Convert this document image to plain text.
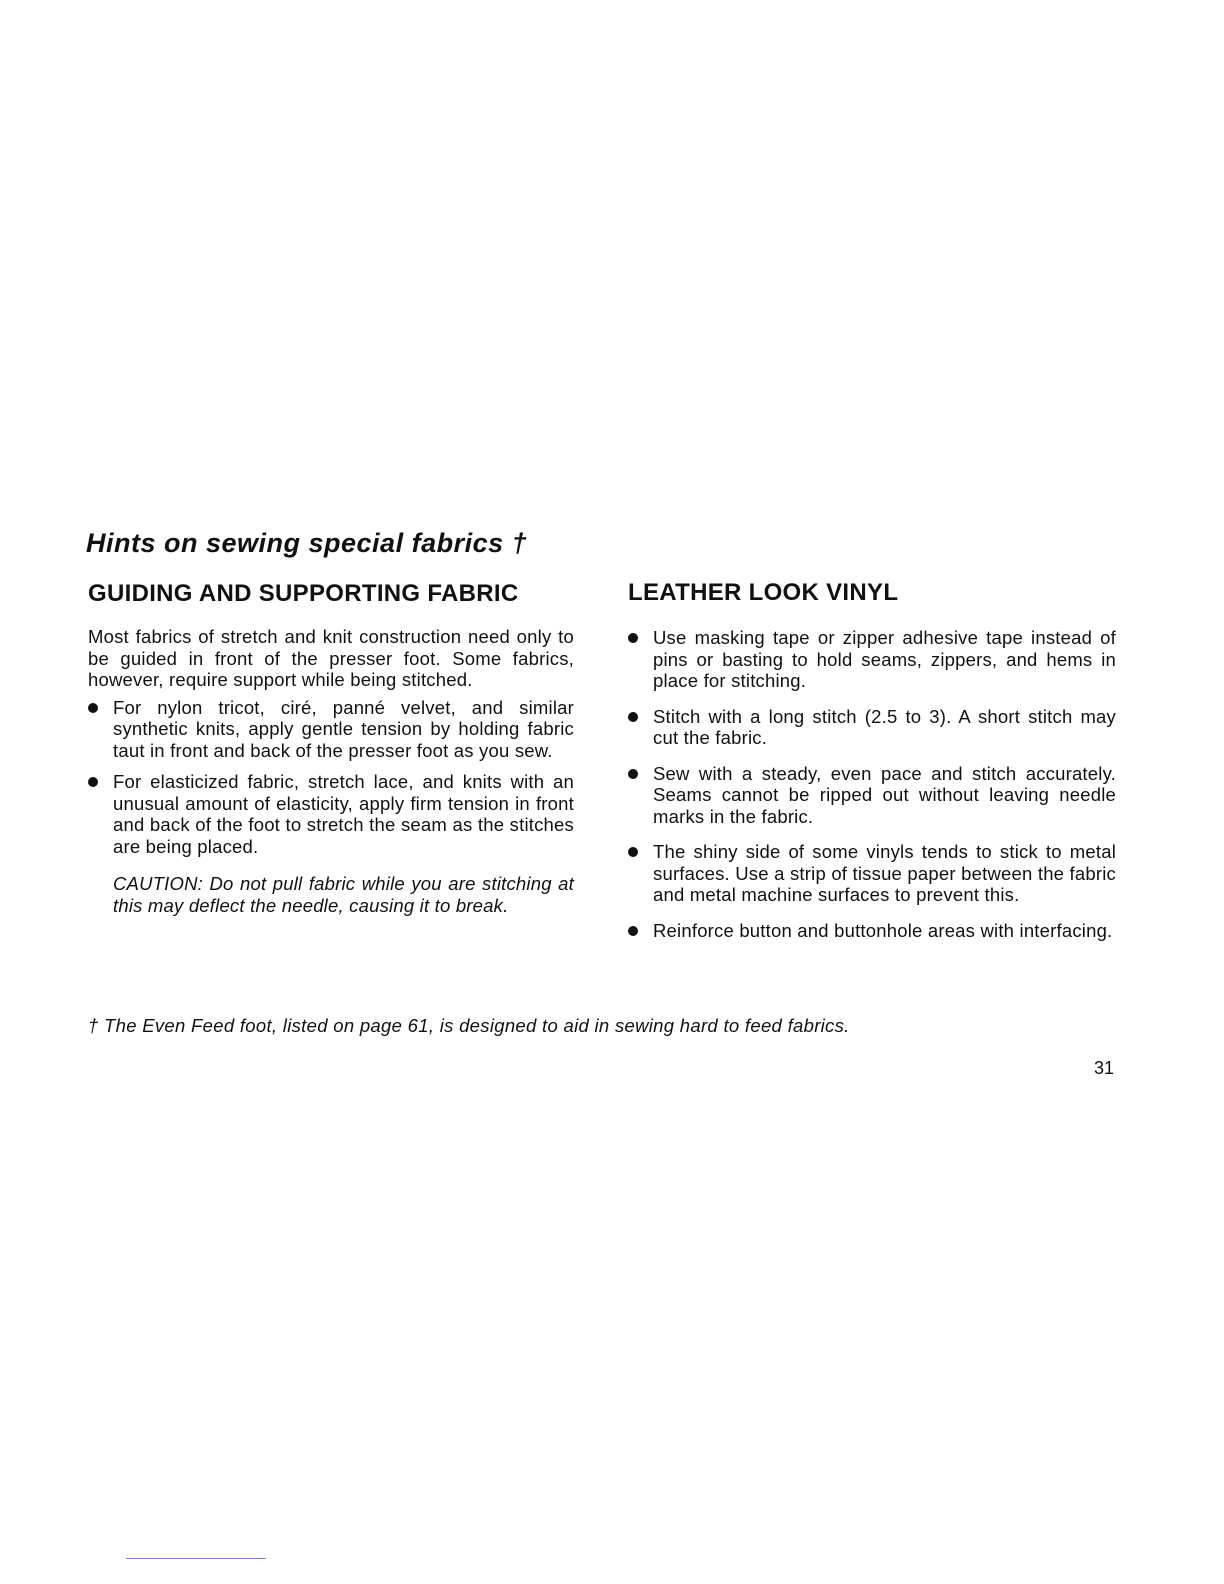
Hints on sewing special fabrics †
GUIDING AND SUPPORTING FABRIC

Most fabrics of stretch and knit construction need only to be guided in front of the presser foot. Some fabrics, however, require support while being stitched.

For nylon tricot, ciré, panné velvet, and similar synthetic knits, apply gentle tension by holding fabric taut in front and back of the presser foot as you sew.
For elasticized fabric, stretch lace, and knits with an unusual amount of elasticity, apply firm tension in front and back of the foot to stretch the seam as the stitches are being placed.

CAUTION: Do not pull fabric while you are stitching at this may deflect the needle, causing it to break.

LEATHER LOOK VINYL
Use masking tape or zipper adhesive tape instead of pins or basting to hold seams, zippers, and hems in place for stitching.
Stitch with a long stitch (2.5 to 3). A short stitch may cut the fabric.
Sew with a steady, even pace and stitch accurately. Seams cannot be ripped out without leaving needle marks in the fabric.
The shiny side of some vinyls tends to stick to metal surfaces. Use a strip of tissue paper between the fabric and metal machine surfaces to prevent this.
Reinforce button and buttonhole areas with interfacing.

† The Even Feed foot, listed on page 61, is designed to aid in sewing hard to feed fabrics.

31
